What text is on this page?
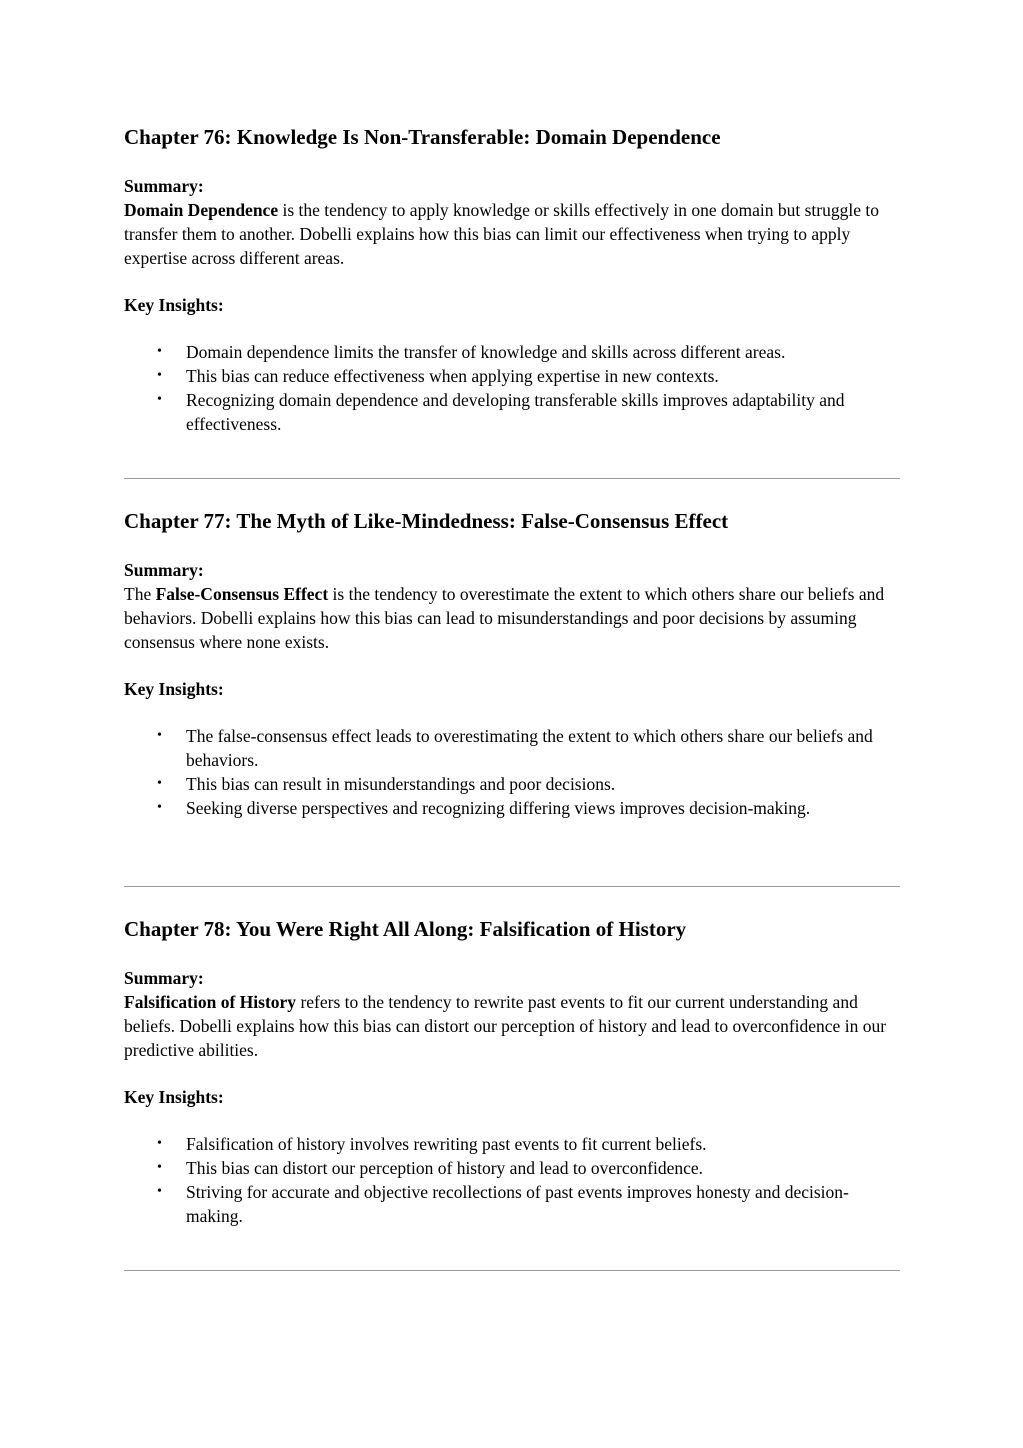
Chapter 76: Knowledge Is Non-Transferable: Domain Dependence

Summary:

Domain Dependence is the tendency to apply knowledge or skills effectively in one domain but struggle to transfer them to another. Dobelli explains how this bias can limit our effectiveness when trying to apply expertise across different areas.

Key Insights:

• Domain dependence limits the transfer of knowledge and skills across different areas.
• This bias can reduce effectiveness when applying expertise in new contexts.
• Recognizing domain dependence and developing transferable skills improves adaptability and effectiveness.
Chapter 77: The Myth of Like-Mindedness: False-Consensus Effect

Summary:

The False-Consensus Effect is the tendency to overestimate the extent to which others share our beliefs and behaviors. Dobelli explains how this bias can lead to misunderstandings and poor decisions by assuming consensus where none exists.

Key Insights:

• The false-consensus effect leads to overestimating the extent to which others share our beliefs and behaviors.
• This bias can result in misunderstandings and poor decisions.
• Seeking diverse perspectives and recognizing differing views improves decision-making.
Chapter 78: You Were Right All Along: Falsification of History

Summary:

Falsification of History refers to the tendency to rewrite past events to fit our current understanding and beliefs. Dobelli explains how this bias can distort our perception of history and lead to overconfidence in our predictive abilities.

Key Insights:

• Falsification of history involves rewriting past events to fit current beliefs.
• This bias can distort our perception of history and lead to overconfidence.
• Striving for accurate and objective recollections of past events improves honesty and decision-making.
